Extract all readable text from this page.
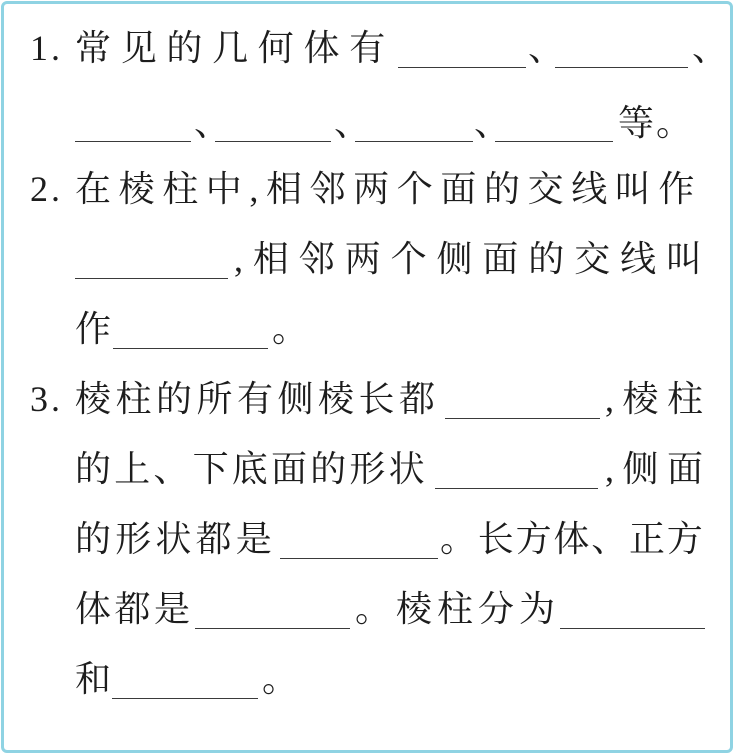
1. 常见的几何体有	、	、
、	、	、	等。
2. 在棱柱中,相邻两个面的交线叫作
,相邻两个侧面的交线叫
作	。
3. 棱柱的所有侧棱长都	,棱柱
的上、下底面的形状	,侧面
的形状都是	。长方体、正方
体都是	。棱柱分为
和	。
